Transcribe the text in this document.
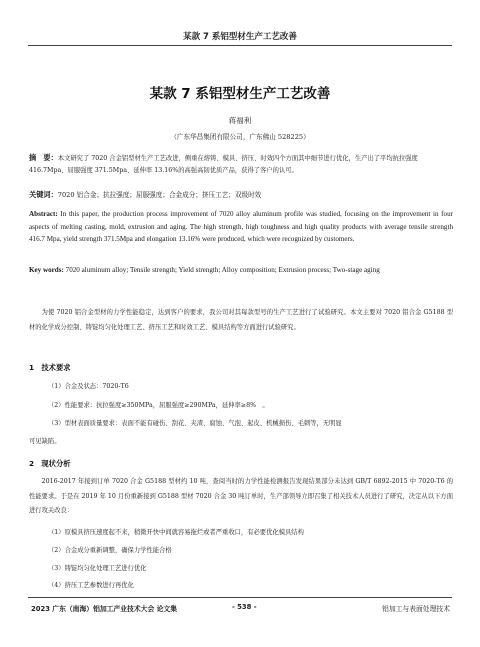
某款 7 系铝型材生产工艺改善
某款 7 系铝型材生产工艺改善
蒋福利
（广东华昌集团有限公司，广东佛山 528225）
摘　要：本文研究了 7020 合金铝型材生产工艺改进，侧重在熔铸、模具、挤压、时效四个方面其中细节进行优化，生产出了平均抗拉强度 416.7Mpa、屈服强度 371.5Mpa、延伸率 13.16%的高强高韧优质产品，获得了客户的认可。
关键词：7020 铝合金；抗拉强度；屈服强度；合金成分；挤压工艺；双级时效
Abstract: In this paper, the production process improvement of 7020 alloy aluminum profile was studied, focusing on the improvement in four aspects of melting casting, mold, extrusion and aging. The high strength, high toughness and high quality products with average tensile strength 416.7 Mpa, yield strength 371.5Mpa and elongation 13.16% were produced, which were recognized by customers.
Key words: 7020 aluminum alloy; Tensile strength; Yield strength; Alloy composition; Extrusion process; Two-stage aging
为使 7020 铝合金型材的力学性能稳定，达到客户的要求，我公司对其每款型号的生产工艺进行了试验研究。本文主要对 7020 铝合金 G5188 型材的化学成分控制、铸锭均匀化处理工艺、挤压工艺和时效工艺、模具结构等方面进行试验研究。
1　技术要求
（1）合金及状态：7020-T6
（2）性能要求：抗拉强度≥350MPa，屈服强度≥290MPa，延伸率≥8%　。
（3）型材表面质量要求：表面不能有碰伤、刮花、夹渣、腐蚀、气泡、起皮、机械损伤、毛刺等，无明显
可见缺陷。
2　现状分析
2016-2017 年接到订单 7020 合金 G5188 型材约 10 吨，查阅当时的力学性能检测报告发现结果部分未达到 GB/T 6892-2015 中 7020-T6 的性能要求。于是在 2019 年 10 月份重新接到 G5188 型材 7020 合金 30 吨订单时，生产部领导立即召集了相关技术人员进行了研究，决定从以下方面进行攻关改良：
（1）原模具挤压速度起不来，稍微开快中间就容易拖烂或者严重收口，有必要优化模具结构
（2）合金成分重新调整，确保力学性能合格
（3）铸锭均匀化处理工艺进行优化
（4）挤压工艺参数进行再优化
2023 广东（南海）铝加工产业技术大会 论文集	- 538 -	铝加工与表面处理技术
